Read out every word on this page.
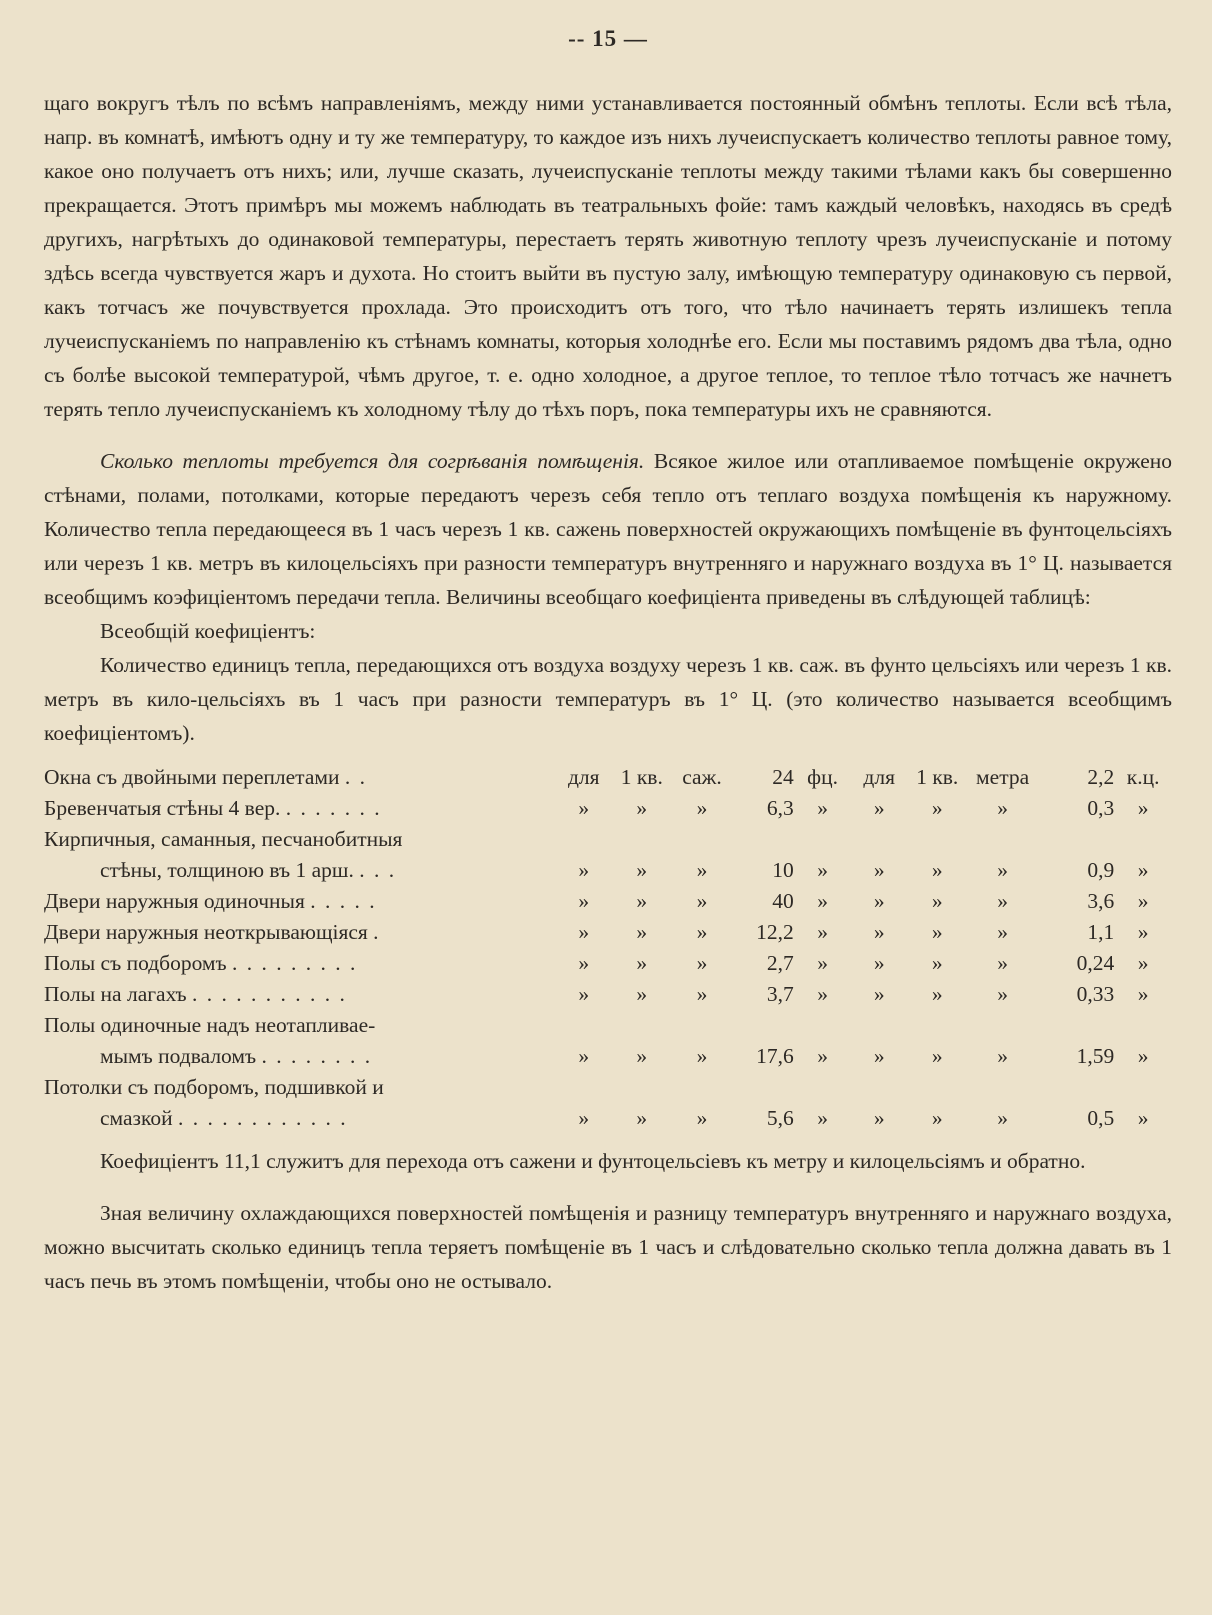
-- 15 —

щаго вокругъ тѣлъ по всѣмъ направленiямъ, между ними устанавливается постоянный обмѣнъ теплоты. Если всѣ тѣла, напр. въ комнатѣ, имѣютъ одну и ту же температуру, то каждое изъ нихъ лучеиспускаетъ количество теплоты равное тому, какое оно получаетъ отъ нихъ; или, лучше сказать, лучеиспусканiе теплоты между такими тѣлами какъ бы совершенно прекращается. Этотъ примѣръ мы можемъ наблюдать въ театральныхъ фойе: тамъ каждый человѣкъ, находясь въ средѣ другихъ, нагрѣтыхъ до одинаковой температуры, перестаетъ терять животную теплоту чрезъ лучеиспусканiе и потому здѣсь всегда чувствуется жаръ и духота. Но стоитъ выйти въ пустую залу, имѣющую температуру одинаковую съ первой, какъ тотчасъ же почувствуется прохлада. Это происходитъ отъ того, что тѣло начинаетъ терять излишекъ тепла лучеиспусканiемъ по направленiю къ стѣнамъ комнаты, которыя холоднѣе его. Если мы поставимъ рядомъ два тѣла, одно съ болѣе высокой температурой, чѣмъ другое, т. е. одно холодное, а другое теплое, то теплое тѣло тотчасъ же начнетъ терять тепло лучеиспусканiемъ къ холодному тѣлу до тѣхъ поръ, пока температуры ихъ не сравняются.

Сколько теплоты требуется для согрѣванiя помѣщенiя. Всякое жилое или отапливаемое помѣщенiе окружено стѣнами, полами, потолками, которые передаютъ черезъ себя тепло отъ теплаго воздуха помѣщенiя къ наружному. Количество тепла передающееся въ 1 часъ черезъ 1 кв. сажень поверхностей окружающихъ помѣщенiе въ фунтоцельсiяхъ или черезъ 1 кв. метръ въ килоцельсiяхъ при разности температуръ внутренняго и наружнаго воздуха въ 1° Ц. называется всеобщимъ коэфицiентомъ передачи тепла. Величины всеобщаго коефицiента приведены въ слѣдующей таблицѣ:

Всеобщiй коефицiентъ:

Количество единицъ тепла, передающихся отъ воздуха воздуху черезъ 1 кв. саж. въ фунто цельсiяхъ или черезъ 1 кв. метръ въ кило-цельсiяхъ въ 1 часъ при разности температуръ въ 1° Ц. (это количество называется всеобщимъ коефицiентомъ).

Окна съ двойными переплетами . .	для	1 кв.	саж.	24	фц.	для	1 кв.	метра	2,2	к.ц.
Бревенчатыя стѣны 4 вер. . . . . . . .	»	»	»	6,3	»	»	»	»	0,3	»
Кирпичныя, саманныя, песчанобитныя										
стѣны, толщиною въ 1 арш. . . .	»	»	»	10	»	»	»	»	0,9	»
Двери наружныя одиночныя . . . . .	»	»	»	40	»	»	»	»	3,6	»
Двери наружныя неоткрывающiяся .	»	»	»	12,2	»	»	»	»	1,1	»
Полы съ подборомъ . . . . . . . . .	»	»	»	2,7	»	»	»	»	0,24	»
Полы на лагахъ . . . . . . . . . . .	»	»	»	3,7	»	»	»	»	0,33	»
Полы одиночные надъ неотапливае-										
мымъ подваломъ . . . . . . . .	»	»	»	17,6	»	»	»	»	1,59	»
Потолки съ подборомъ, подшивкой и										
смазкой . . . . . . . . . . . .	»	»	»	5,6	»	»	»	»	0,5	»

Коефицiентъ 11,1 служитъ для перехода отъ сажени и фунтоцельсiевъ къ метру и килоцельсiямъ и обратно.

Зная величину охлаждающихся поверхностей помѣщенiя и разницу температуръ внутренняго и наружнаго воздуха, можно высчитать сколько единицъ тепла теряетъ помѣщенiе въ 1 часъ и слѣдовательно сколько тепла должна давать въ 1 часъ печь въ этомъ помѣщенiи, чтобы оно не остывало.
